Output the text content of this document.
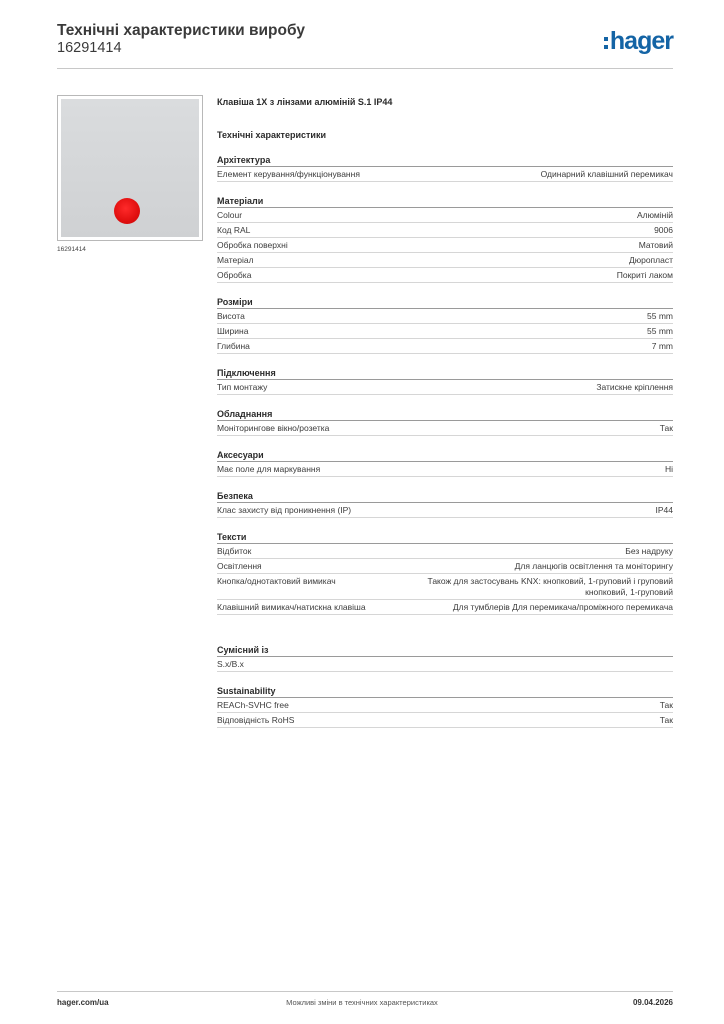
Технічні характеристики виробу
16291414	hager
16291414
Клавіша 1X з лінзами алюміній S.1 IP44
Технічні характеристики
Архітектура
Елемент керування/функціонування	Одинарний клавішний перемикач
Матеріали
Colour	Алюміній
Код RAL	9006
Обробка поверхні	Матовий
Матеріал	Дюропласт
Обробка	Покриті лаком
Розміри
Висота	55 mm
Ширина	55 mm
Глибина	7 mm
Підключення
Тип монтажу	Затискне кріплення
Обладнання
Моніторингове вікно/розетка	Так
Аксесуари
Має поле для маркування	Ні
Безпека
Клас захисту від проникнення (IP)	IP44
Тексти
Відбиток	Без надруку
Освітлення	Для ланцюгів освітлення та моніторингу
Кнопка/однотактовий вимикач	Також для застосувань KNX: кнопковий, 1-груповий і груповий кнопковий, 1-груповий
Клавішний вимикач/натискна клавіша	Для тумблерів Для перемикача/проміжного перемикача
Сумісний із
S.x/B.x
Sustainability
REACh-SVHC free	Так
Відповідність RoHS	Так
hager.com/ua	Можливі зміни в технічних характеристиках	09.04.2026
